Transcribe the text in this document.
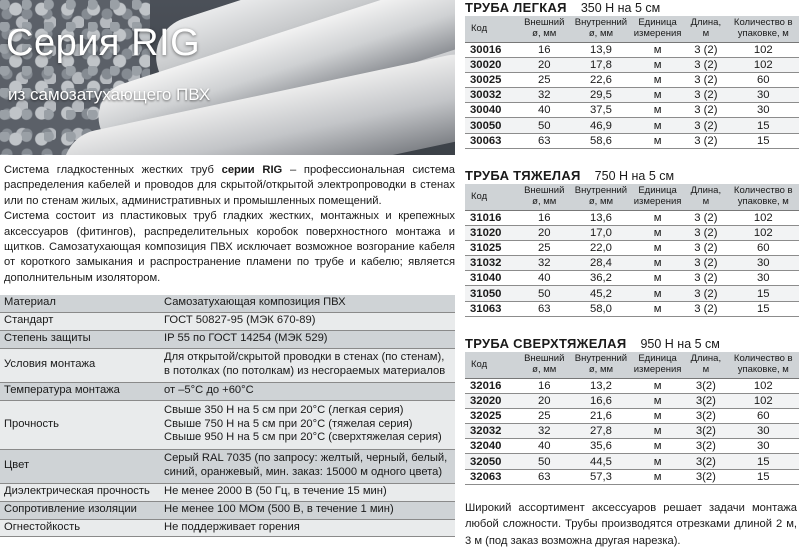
Серия RIG
из самозатухающего ПВХ

Система гладкостенных жестких труб серии RIG – профессиональная система распределения кабелей и проводов для скрытой/открытой электропроводки в стенах или по стенам жилых, административных и промышленных помещений.

Система состоит из пластиковых труб гладких жестких, монтажных и крепежных аксессуаров (фитингов), распределительных коробок поверхностного монтажа и щитков. Самозатухающая композиция ПВХ исключает возможное возгорание кабеля от короткого замыкания и распространение пламени по трубе и кабелю; является дополнительным изолятором.

Материал	Самозатухающая композиция ПВХ
Стандарт	ГОСТ 50827-95 (МЭК 670-89)
Степень защиты	IP 55 по ГОСТ 14254 (МЭК 529)
Условия монтажа	Для открытой/скрытой проводки в стенах (по стенам), в потолках (по потолкам) из несгораемых материалов
Температура монтажа	от –5°С до +60°С
Прочность	Свыше 350 Н на 5 см при 20°С (легкая серия)
Свыше 750 Н на 5 см при 20°С (тяжелая серия)
Свыше 950 Н на 5 см при 20°С (сверхтяжелая серия)

Цвет	Серый RAL 7035 (по запросу: желтый, черный, белый, синий, оранжевый, мин. заказ: 15000 м одного цвета)
Диэлектрическая прочность	Не менее 2000 В (50 Гц, в течение 15 мин)
Сопротивление изоляции	Не менее 100 МОм (500 В, в течение 1 мин)
Огнестойкость	Не поддерживает горения
ТРУБА ЛЕГКАЯ 350 Н на 5 см
Код	Внешний ø, мм	Внутренний ø, мм	Единица измерения	Длина, м	Количество в упаковке, м
30016	16	13,9	м	3 (2)	102
30020	20	17,8	м	3 (2)	102
30025	25	22,6	м	3 (2)	60
30032	32	29,5	м	3 (2)	30
30040	40	37,5	м	3 (2)	30
30050	50	46,9	м	3 (2)	15
30063	63	58,6	м	3 (2)	15
ТРУБА ТЯЖЕЛАЯ 750 Н на 5 см
Код	Внешний ø, мм	Внутренний ø, мм	Единица измерения	Длина, м	Количество в упаковке, м
31016	16	13,6	м	3 (2)	102
31020	20	17,0	м	3 (2)	102
31025	25	22,0	м	3 (2)	60
31032	32	28,4	м	3 (2)	30
31040	40	36,2	м	3 (2)	30
31050	50	45,2	м	3 (2)	15
31063	63	58,0	м	3 (2)	15
ТРУБА СВЕРХТЯЖЕЛАЯ 950 Н на 5 см
Код	Внешний ø, мм	Внутренний ø, мм	Единица измерения	Длина, м	Количество в упаковке, м
32016	16	13,2	м	3(2)	102
32020	20	16,6	м	3(2)	102
32025	25	21,6	м	3(2)	60
32032	32	27,8	м	3(2)	30
32040	40	35,6	м	3(2)	30
32050	50	44,5	м	3(2)	15
32063	63	57,3	м	3(2)	15

Широкий ассортимент аксессуаров решает задачи монтажа любой сложности. Трубы производятся отрезками длиной 2 м, 3 м (под заказ возможна другая нарезка).
